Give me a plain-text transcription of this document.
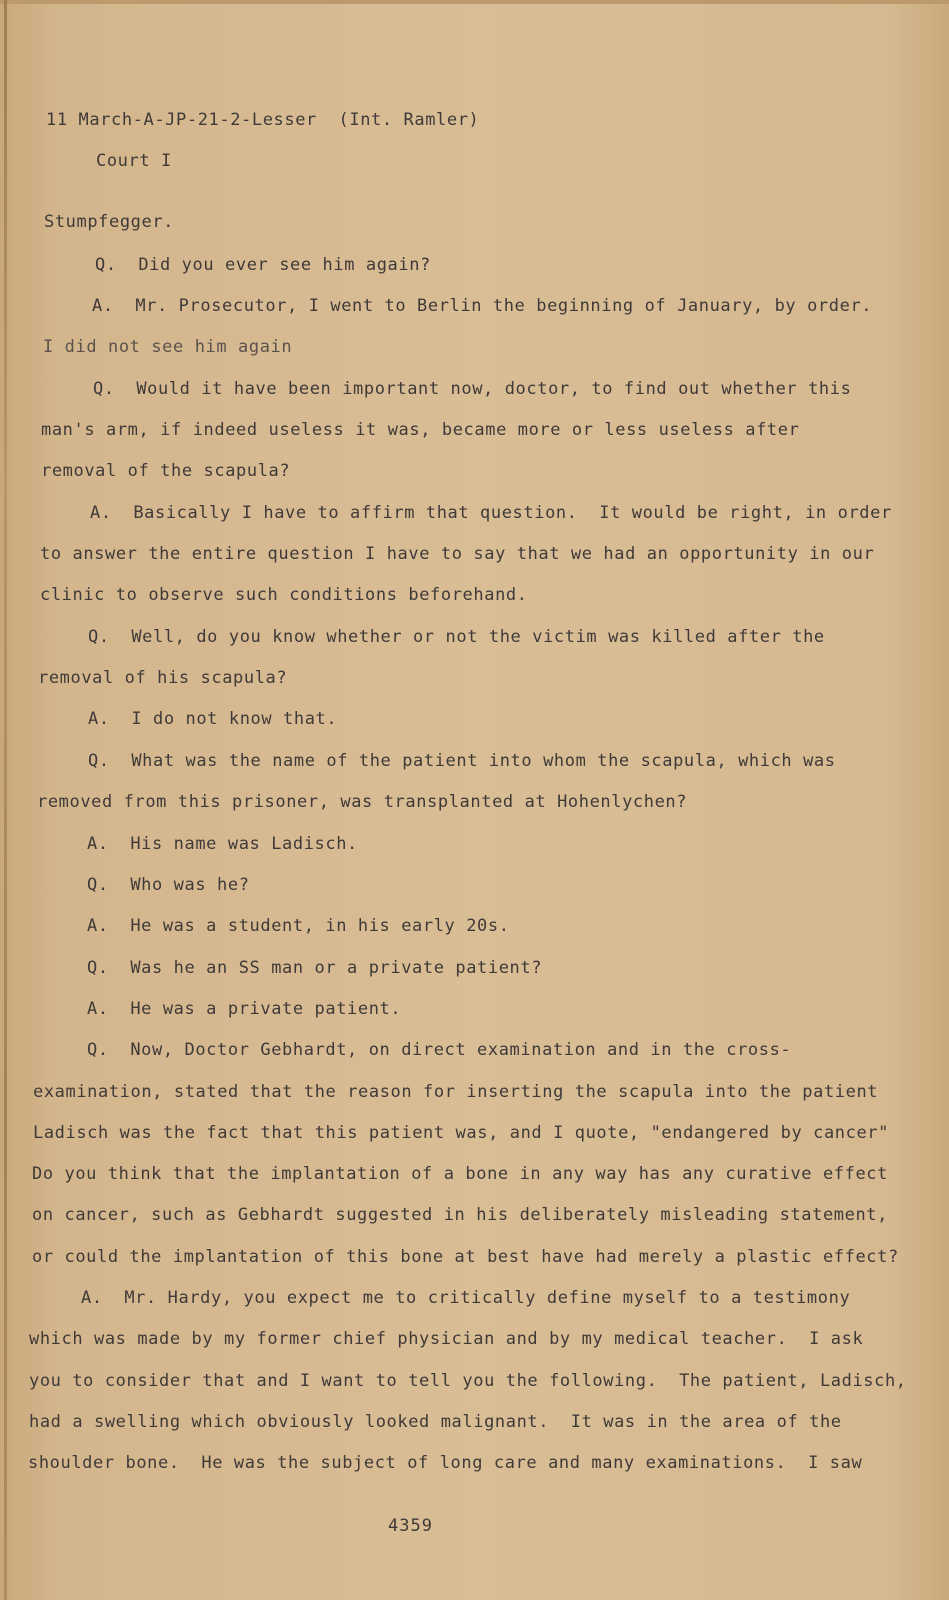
11 March-A-JP-21-2-Lesser  (Int. Ramler)
Court I
Stumpfegger.
Q.  Did you ever see him again?
A.  Mr. Prosecutor, I went to Berlin the beginning of January, by order.
I did not see him again
Q.  Would it have been important now, doctor, to find out whether this
man's arm, if indeed useless it was, became more or less useless after
removal of the scapula?
A.  Basically I have to affirm that question.  It would be right, in order
to answer the entire question I have to say that we had an opportunity in our
clinic to observe such conditions beforehand.
Q.  Well, do you know whether or not the victim was killed after the
removal of his scapula?
A.  I do not know that.
Q.  What was the name of the patient into whom the scapula, which was
removed from this prisoner, was transplanted at Hohenlychen?
A.  His name was Ladisch.
Q.  Who was he?
A.  He was a student, in his early 20s.
Q.  Was he an SS man or a private patient?
A.  He was a private patient.
Q.  Now, Doctor Gebhardt, on direct examination and in the cross-
examination, stated that the reason for inserting the scapula into the patient
Ladisch was the fact that this patient was, and I quote, "endangered by cancer"
Do you think that the implantation of a bone in any way has any curative effect
on cancer, such as Gebhardt suggested in his deliberately misleading statement,
or could the implantation of this bone at best have had merely a plastic effect?
A.  Mr. Hardy, you expect me to critically define myself to a testimony
which was made by my former chief physician and by my medical teacher.  I ask
you to consider that and I want to tell you the following.  The patient, Ladisch,
had a swelling which obviously looked malignant.  It was in the area of the
shoulder bone.  He was the subject of long care and many examinations.  I saw
4359
